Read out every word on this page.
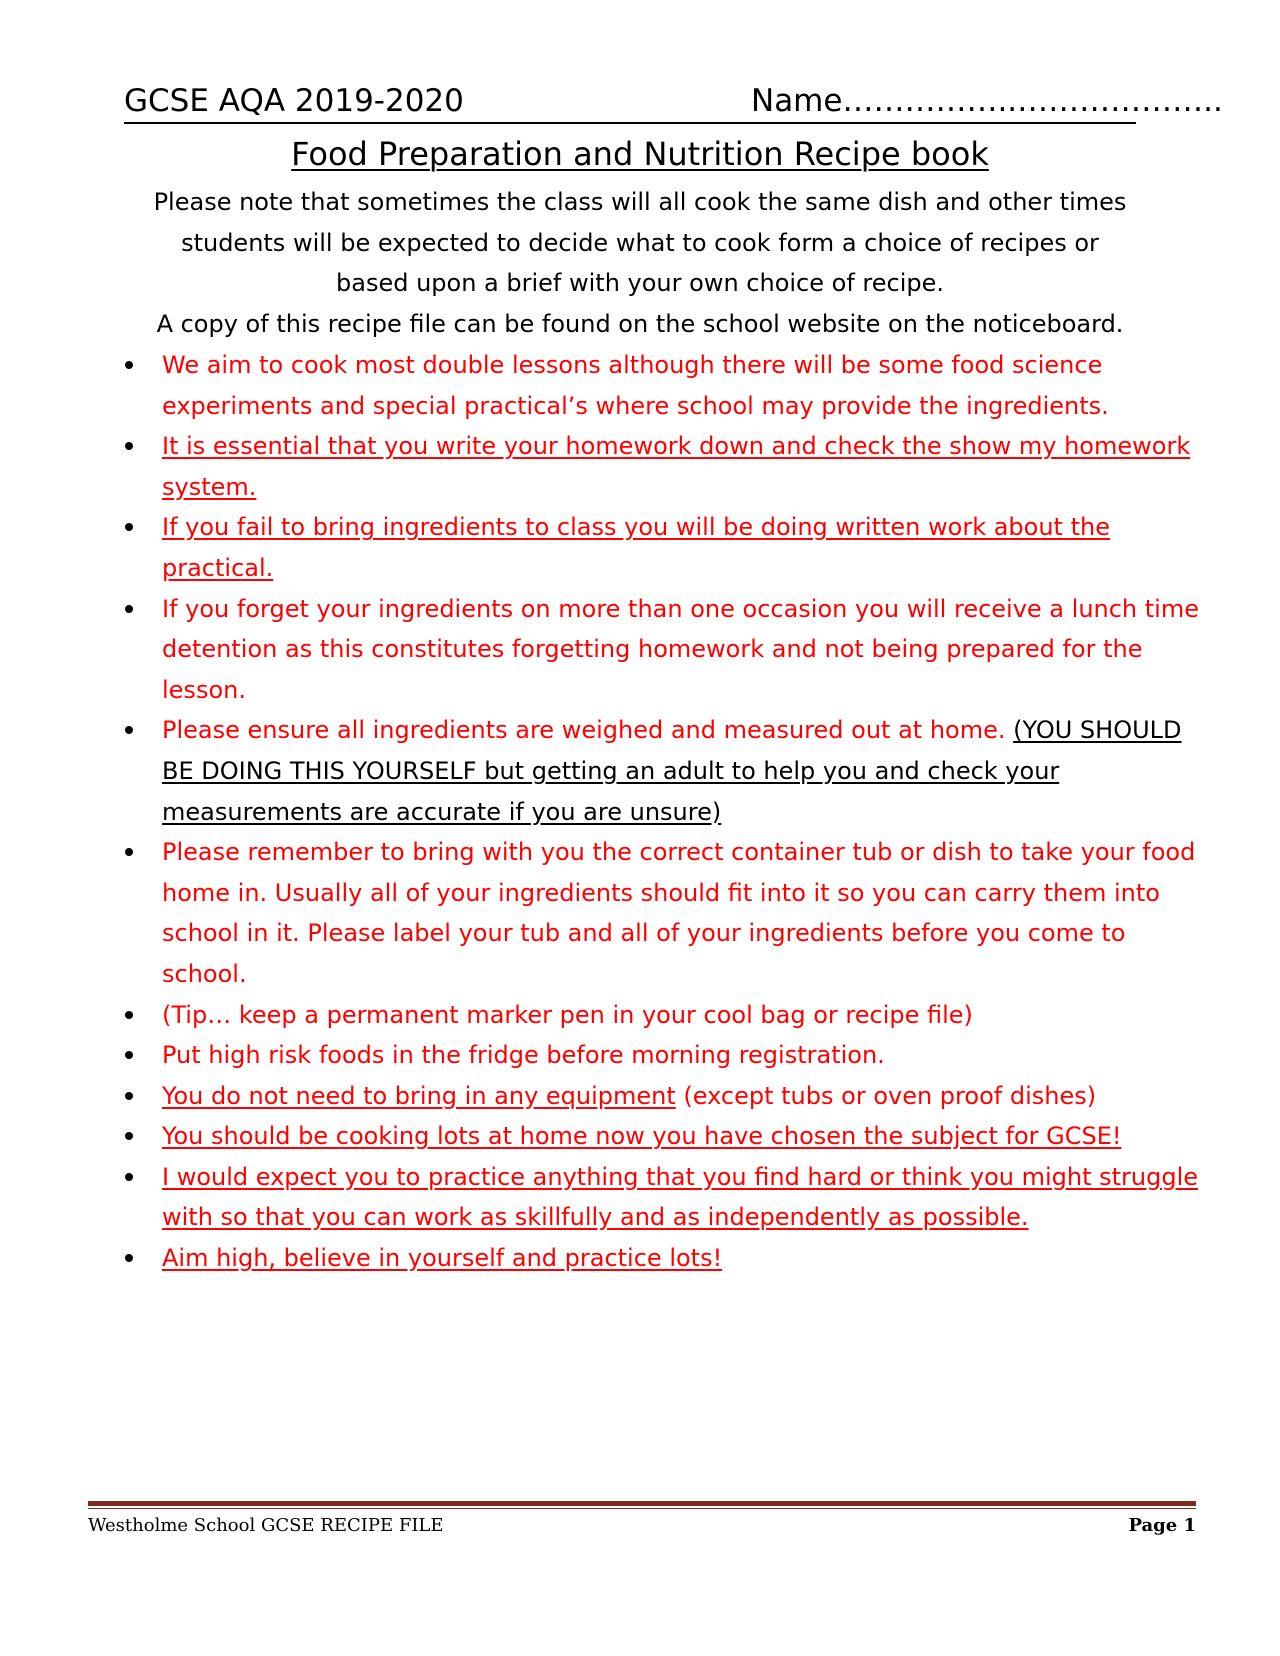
GCSE AQA 2019-2020	Name……………..………………..
Food Preparation and Nutrition Recipe book

Please note that sometimes the class will all cook the same dish and other times

students will be expected to decide what to cook form a choice of recipes or

based upon a brief with your own choice of recipe.

A copy of this recipe file can be found on the school website on the noticeboard.

We aim to cook most double lessons although there will be some food science experiments and special practical’s where school may provide the ingredients.
It is essential that you write your homework down and check the show my homework system.
If you fail to bring ingredients to class you will be doing written work about the practical.
If you forget your ingredients on more than one occasion you will receive a lunch time detention as this constitutes forgetting homework and not being prepared for the lesson.
Please ensure all ingredients are weighed and measured out at home. (YOU SHOULD BE DOING THIS YOURSELF but getting an adult to help you and check your measurements are accurate if you are unsure)
Please remember to bring with you the correct container tub or dish to take your food home in. Usually all of your ingredients should fit into it so you can carry them into school in it. Please label your tub and all of your ingredients before you come to school.
(Tip… keep a permanent marker pen in your cool bag or recipe file)
Put high risk foods in the fridge before morning registration.
You do not need to bring in any equipment (except tubs or oven proof dishes)
You should be cooking lots at home now you have chosen the subject for GCSE!
I would expect you to practice anything that you find hard or think you might struggle with so that you can work as skillfully and as independently as possible.
Aim high, believe in yourself and practice lots!
Westholme School GCSE RECIPE FILE	Page 1
